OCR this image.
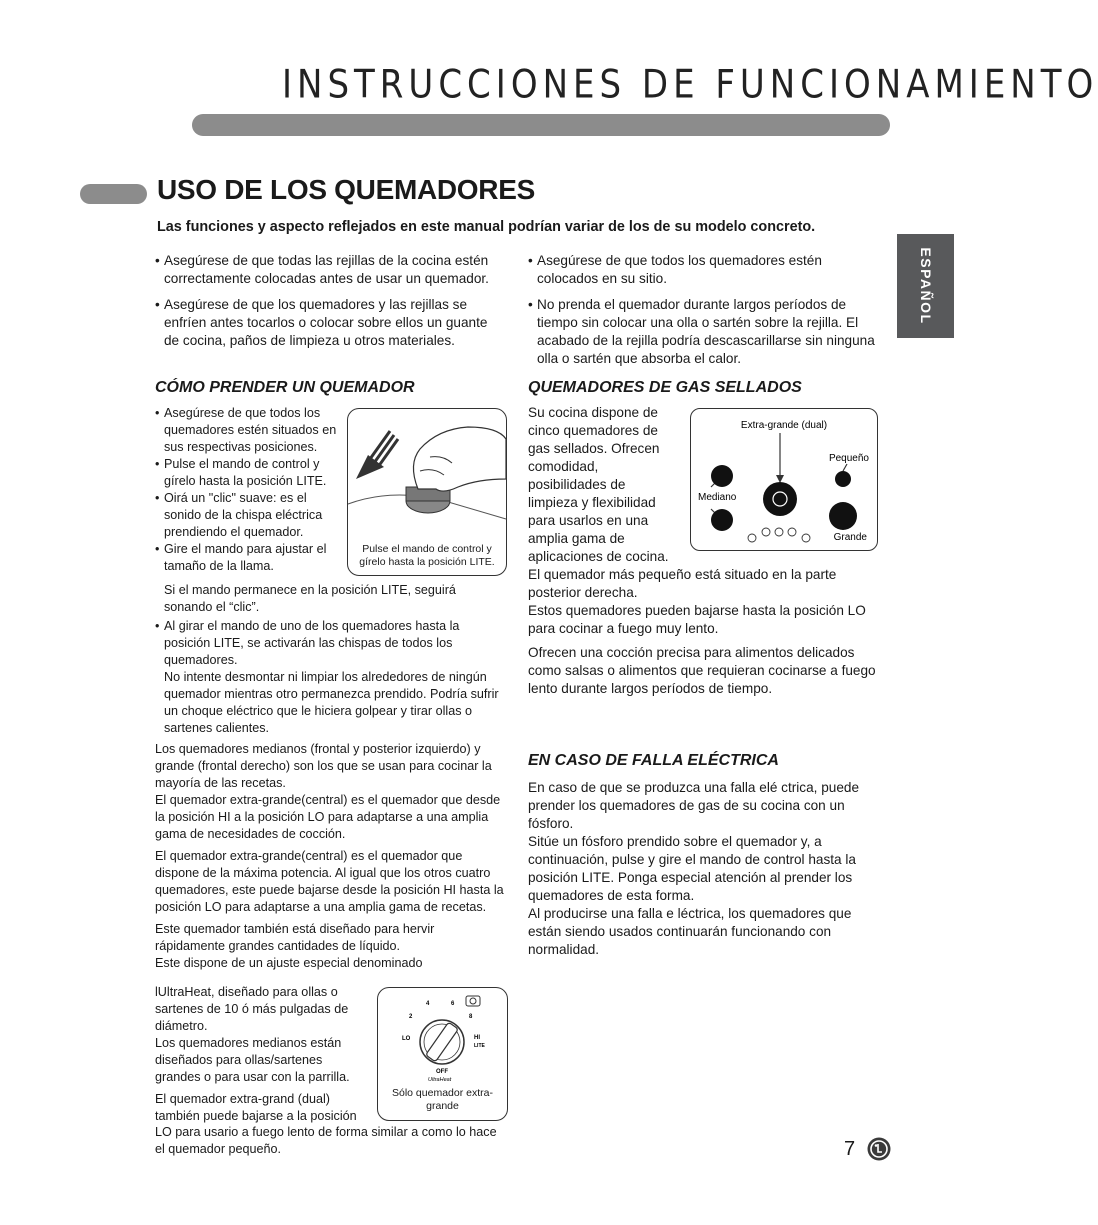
INSTRUCCIONES DE FUNCIONAMIENTO
USO DE LOS QUEMADORES
Las funciones y aspecto reflejados en este manual podrían variar de los de su modelo concreto.
ESPAÑOL
• Asegúrese de que todas las rejillas de la cocina estén correctamente colocadas antes de usar un quemador.
• Asegúrese de que los quemadores y las rejillas se enfríen antes tocarlos o colocar sobre ellos un guante de cocina, paños de limpieza u otros materiales.
• Asegúrese de que todos los quemadores estén colocados en su sitio.
• No prenda el quemador durante largos períodos de tiempo sin colocar una olla o sartén sobre la rejilla. El acabado de la rejilla podría descascarillarse sin ninguna olla o sartén que absorba el calor.
CÓMO PRENDER UN QUEMADOR
• Asegúrese de que todos los quemadores estén situados en sus respectivas posiciones.
• Pulse el mando de control y gírelo hasta la posición LITE.
• Oirá un "clic" suave: es el sonido de la chispa eléctrica prendiendo el quemador.
• Gire el mando para ajustar el tamaño de la llama.
Pulse el mando de control y gírelo hasta la posición LITE.

Si el mando permanece en la posición LITE, seguirá sonando el “clic”.

• Al girar el mando de uno de los quemadores hasta la posición LITE, se activarán las chispas de todos los quemadores.

No intente desmontar ni limpiar los alrededores de ningún quemador mientras otro permanezca prendido. Podría sufrir un choque eléctrico que le hiciera golpear y tirar ollas o sartenes calientes.

Los quemadores medianos (frontal y posterior izquierdo) y grande (frontal derecho) son los que se usan para cocinar la mayoría de las recetas.

El quemador extra-grande(central) es el quemador que desde la posición HI a la posición LO para adaptarse a una amplia gama de necesidades de cocción.

El quemador extra-grande(central) es el quemador que dispone de la máxima potencia. Al igual que los otros cuatro quemadores, este puede bajarse desde la posición HI hasta la posición LO para adaptarse a una amplia gama de recetas.

Este quemador también está diseñado para hervir rápidamente grandes cantidades de líquido.

Este dispone de un ajuste especial denominado

lUltraHeat, diseñado para ollas o sartenes de 10 ó más pulgadas de diámetro.

Los quemadores medianos están diseñados para ollas/sartenes grandes o para usar con la parrilla.

El quemador extra-grand (dual) también puede bajarse a la posición

LO para usario a fuego lento de forma similar a como lo hace el quemador pequeño.

4	6
2	8
LO	HI
LITE
OFF
UltraHeat
Sólo quemador extra-grande
QUEMADORES DE GAS SELLADOS

Su cocina dispone de cinco quemadores de gas sellados. Ofrecen comodidad, posibilidades de limpieza y flexibilidad para usarlos en una amplia gama de aplicaciones de cocina.

Extra-grande (dual)
Pequeño
Mediano
Grande

El quemador más pequeño está situado en la parte posterior derecha.

Estos quemadores pueden bajarse hasta la posición LO para cocinar a fuego muy lento.

Ofrecen una cocción precisa para alimentos delicados como salsas o alimentos que requieran cocinarse a fuego lento durante largos períodos de tiempo.

EN CASO DE FALLA ELÉCTRICA

En caso de que se produzca una falla elé ctrica, puede prender los quemadores de gas de su cocina con un fósforo.

Sitúe un fósforo prendido sobre el quemador y, a continuación, pulse y gire el mando de control hasta la posición LITE. Ponga especial atención al prender los quemadores de esta forma.

Al producirse una falla e léctrica, los quemadores que están siendo usados continuarán funcionando con normalidad.

7
